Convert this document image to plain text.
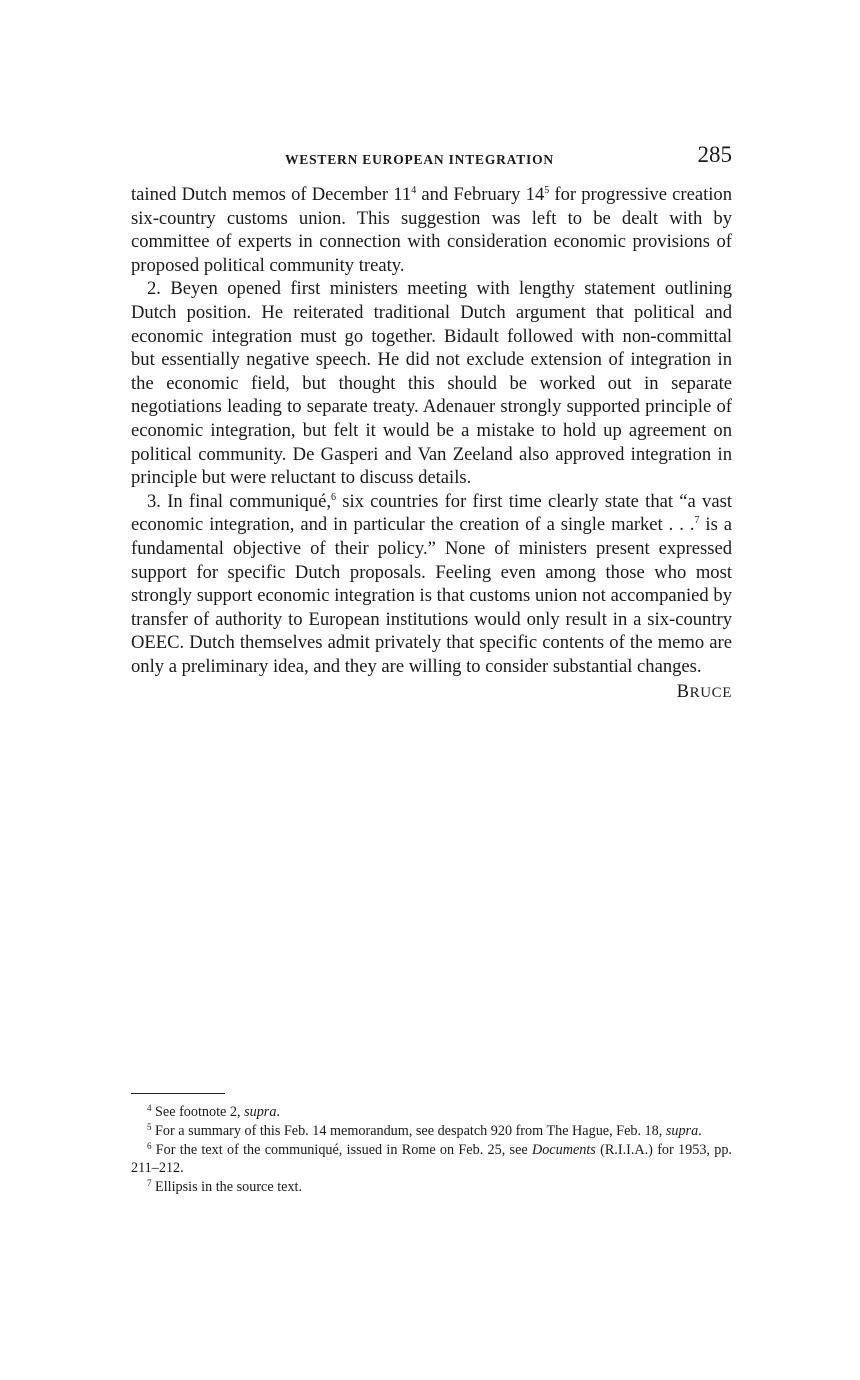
WESTERN EUROPEAN INTEGRATION	285

tained Dutch memos of December $11^4$ and February $14^5$ for progressive creation six-country customs union. This suggestion was left to be dealt with by committee of experts in connection with consideration economic provisions of proposed political community treaty.

2. Beyen opened first ministers meeting with lengthy statement outlining Dutch position. He reiterated traditional Dutch argument that political and economic integration must go together. Bidault followed with non-committal but essentially negative speech. He did not exclude extension of integration in the economic field, but thought this should be worked out in separate negotiations leading to separate treaty. Adenauer strongly supported principle of economic integration, but felt it would be a mistake to hold up agreement on political community. De Gasperi and Van Zeeland also approved integration in principle but were reluctant to discuss details.

3. In final communiqué,$^6$ six countries for first time clearly state that “a vast economic integration, and in particular the creation of a single market . . .$^7$ is a fundamental objective of their policy.” None of ministers present expressed support for specific Dutch proposals. Feeling even among those who most strongly support economic integration is that customs union not accompanied by transfer of authority to European institutions would only result in a six-country OEEC. Dutch themselves admit privately that specific contents of the memo are only a preliminary idea, and they are willing to consider substantial changes.

BRUCE

$^4$ See footnote 2, supra.

$^5$ For a summary of this Feb. 14 memorandum, see despatch 920 from The Hague, Feb. 18, supra.

$^6$ For the text of the communiqué, issued in Rome on Feb. 25, see Documents (R.I.I.A.) for 1953, pp. 211–212.

$^7$ Ellipsis in the source text.
